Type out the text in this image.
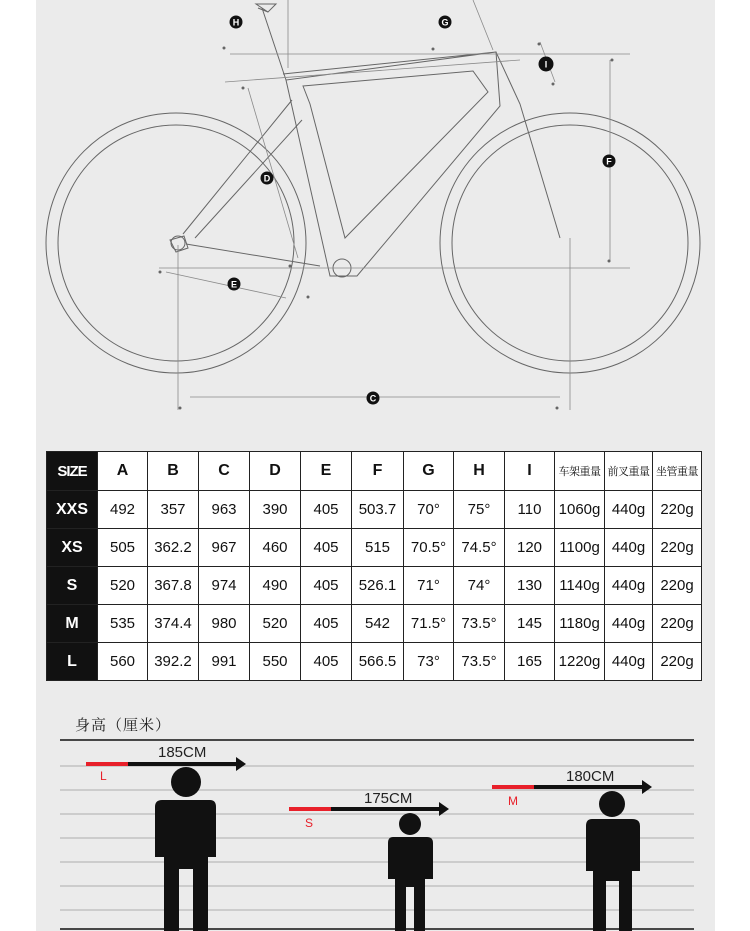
H	G
I
D
F
E
C
SIZE	A	B	C	D	E	F	G	H	I	车架重量	前叉重量	坐管重量
XXS	492	357	963	390	405	503.7	70°	75°	110	1060g	440g	220g
XS	505	362.2	967	460	405	515	70.5°	74.5°	120	1100g	440g	220g
S	520	367.8	974	490	405	526.1	71°	74°	130	1140g	440g	220g
M	535	374.4	980	520	405	542	71.5°	73.5°	145	1180g	440g	220g
L	560	392.2	991	550	405	566.5	73°	73.5°	165	1220g	440g	220g
身高（厘米）
185CM
L
175CM
S
180CM
M
